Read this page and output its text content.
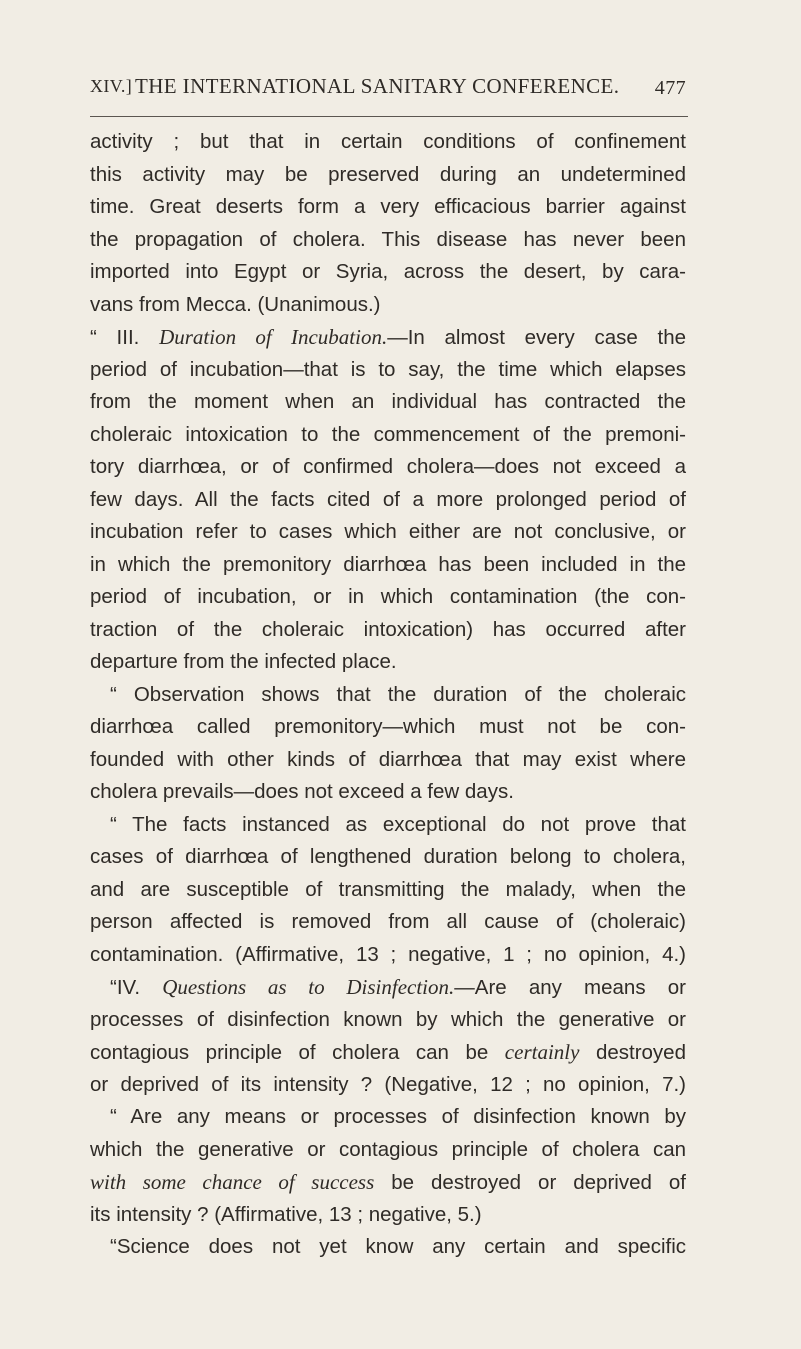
XIV.] THE INTERNATIONAL SANITARY CONFERENCE. 477
activity ; but that in certain conditions of confinement
this activity may be preserved during an undetermined
time. Great deserts form a very efficacious barrier against
the propagation of cholera. This disease has never been
imported into Egypt or Syria, across the desert, by cara-
vans from Mecca. (Unanimous.)
“ III. Duration of Incubation.—In almost every case the
period of incubation—that is to say, the time which elapses
from the moment when an individual has contracted the
choleraic intoxication to the commencement of the premoni-
tory diarrhœa, or of confirmed cholera—does not exceed a
few days. All the facts cited of a more prolonged period of
incubation refer to cases which either are not conclusive, or
in which the premonitory diarrhœa has been included in the
period of incubation, or in which contamination (the con-
traction of the choleraic intoxication) has occurred after
departure from the infected place.
“ Observation shows that the duration of the choleraic
diarrhœa called premonitory—which must not be con-
founded with other kinds of diarrhœa that may exist where
cholera prevails—does not exceed a few days.
“ The facts instanced as exceptional do not prove that
cases of diarrhœa of lengthened duration belong to cholera,
and are susceptible of transmitting the malady, when the
person affected is removed from all cause of (choleraic)
contamination. (Affirmative, 13 ; negative, 1 ; no opinion, 4.)
“IV. Questions as to Disinfection.—Are any means or
processes of disinfection known by which the generative or
contagious principle of cholera can be certainly destroyed
or deprived of its intensity ? (Negative, 12 ; no opinion, 7.)
“ Are any means or processes of disinfection known by
which the generative or contagious principle of cholera can
with some chance of success be destroyed or deprived of
its intensity ? (Affirmative, 13 ; negative, 5.)
“Science does not yet know any certain and specific
